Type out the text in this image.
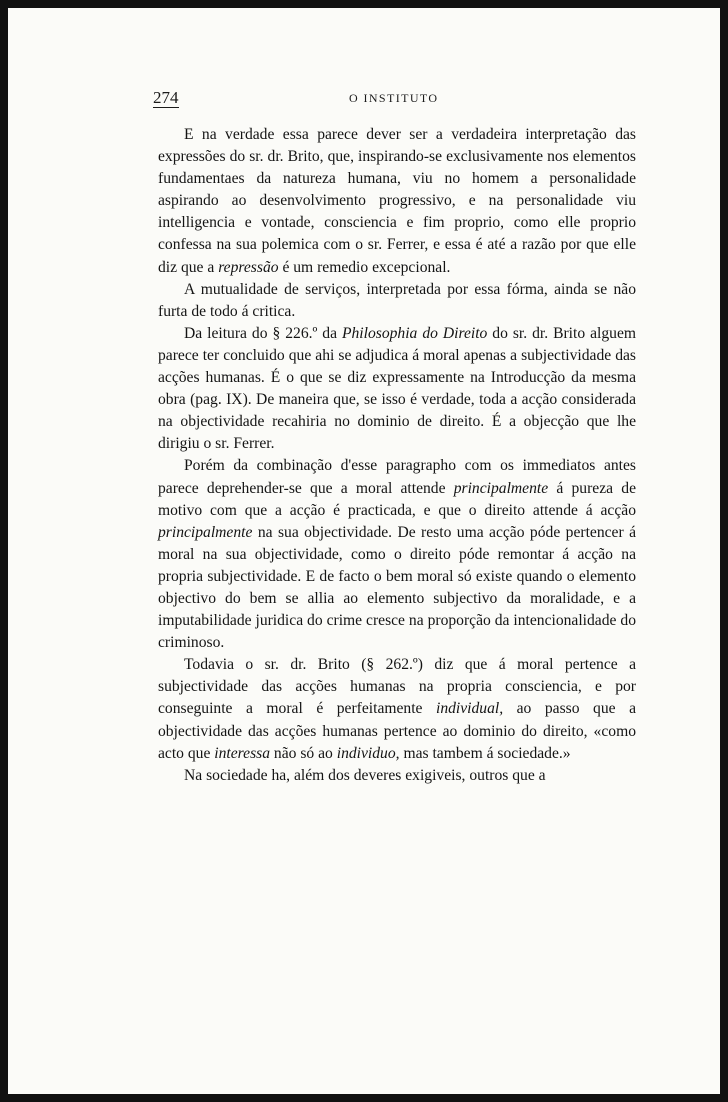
274	O INSTITUTO

E na verdade essa parece dever ser a verdadeira interpretação das expressões do sr. dr. Brito, que, inspirando-se exclusivamente nos elementos fundamentaes da natureza humana, viu no homem a personalidade aspirando ao desenvolvimento progressivo, e na personalidade viu intelligencia e vontade, consciencia e fim proprio, como elle proprio confessa na sua polemica com o sr. Ferrer, e essa é até a razão por que elle diz que a repressão é um remedio excepcional.

A mutualidade de serviços, interpretada por essa fórma, ainda se não furta de todo á critica.

Da leitura do § 226.º da Philosophia do Direito do sr. dr. Brito alguem parece ter concluido que ahi se adjudica á moral apenas a subjectividade das acções humanas. É o que se diz expressamente na Introducção da mesma obra (pag. IX). De maneira que, se isso é verdade, toda a acção considerada na objectividade recahiria no dominio de direito. É a objecção que lhe dirigiu o sr. Ferrer.

Porém da combinação d'esse paragrapho com os immediatos antes parece deprehender-se que a moral attende principalmente á pureza de motivo com que a acção é practicada, e que o direito attende á acção principalmente na sua objectividade. De resto uma acção póde pertencer á moral na sua objectividade, como o direito póde remontar á acção na propria subjectividade. E de facto o bem moral só existe quando o elemento objectivo do bem se allia ao elemento subjectivo da moralidade, e a imputabilidade juridica do crime cresce na proporção da intencionalidade do criminoso.

Todavia o sr. dr. Brito (§ 262.º) diz que á moral pertence a subjectividade das acções humanas na propria consciencia, e por conseguinte a moral é perfeitamente individual, ao passo que a objectividade das acções humanas pertence ao dominio do direito, «como acto que interessa não só ao individuo, mas tambem á sociedade.»

Na sociedade ha, além dos deveres exigiveis, outros que a
